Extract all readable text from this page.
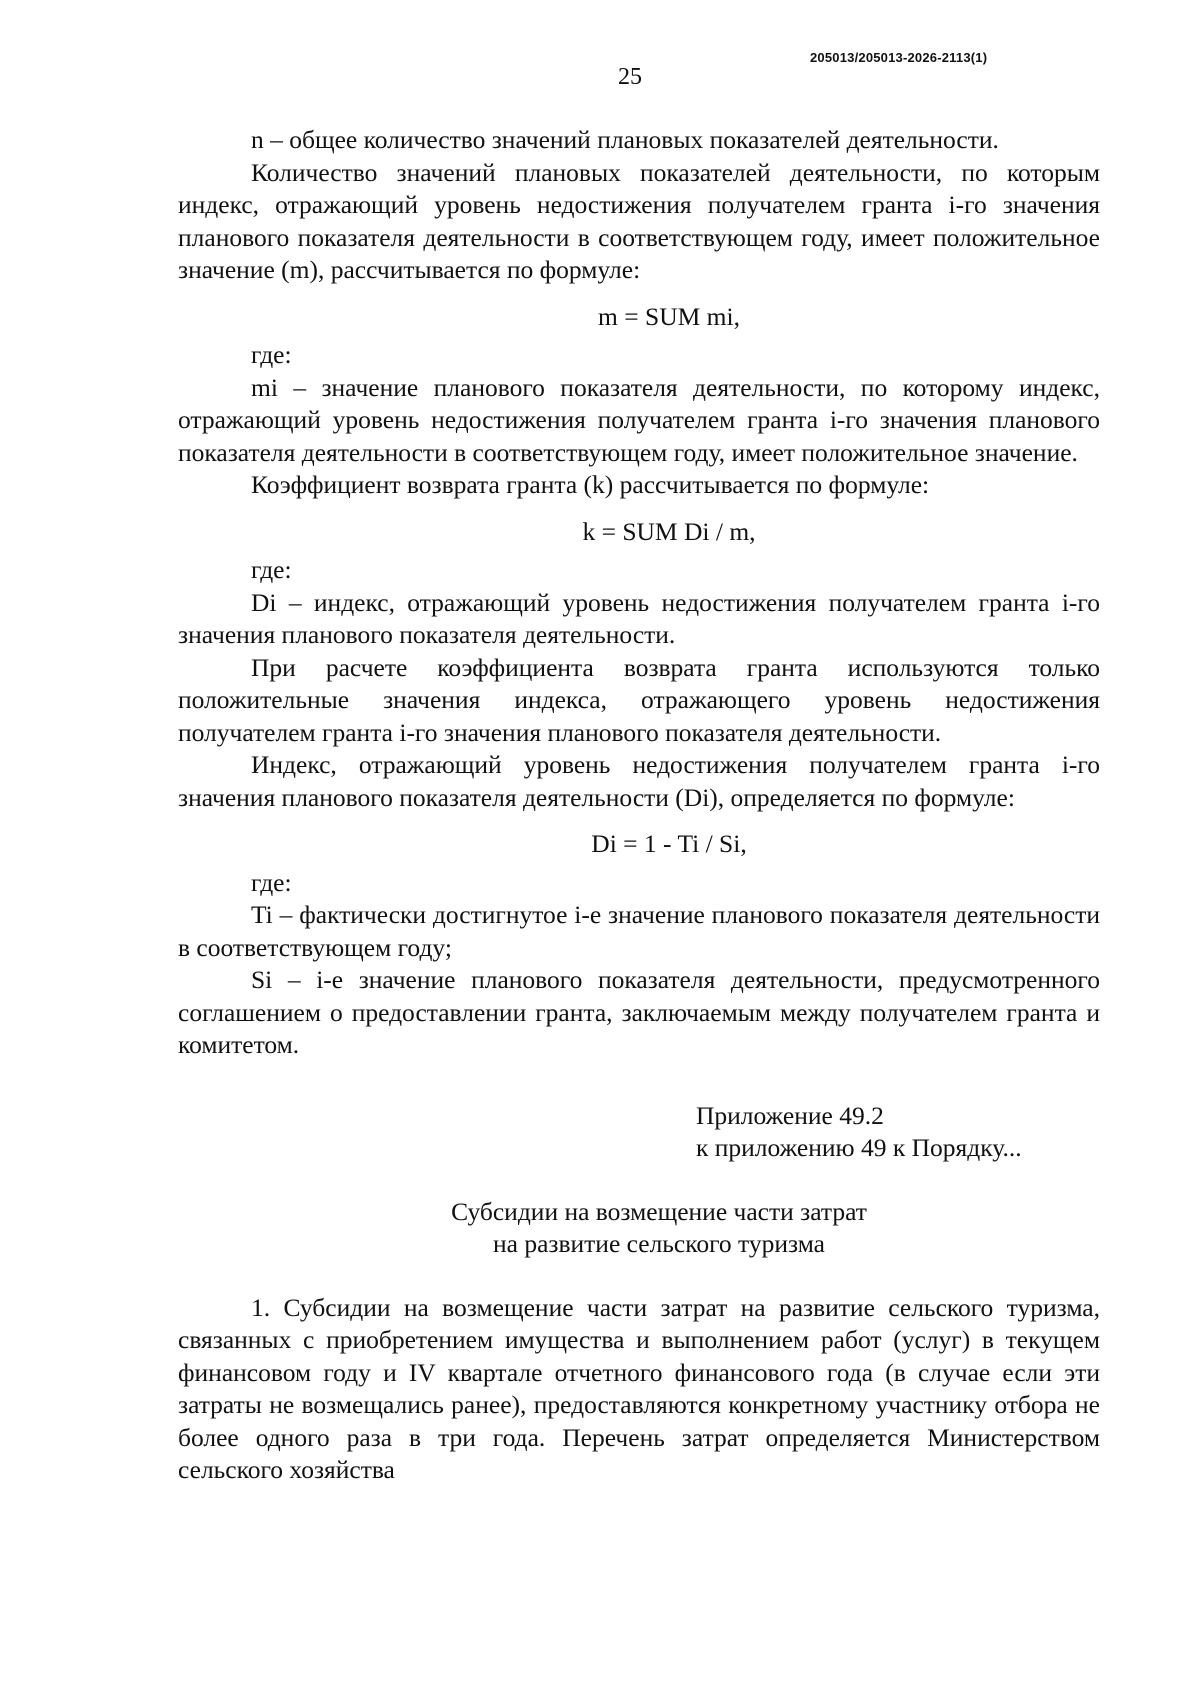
205013/205013-2026-2113(1)
25

n – общее количество значений плановых показателей деятельности.

Количество значений плановых показателей деятельности, по которым индекс, отражающий уровень недостижения получателем гранта i-го значения планового показателя деятельности в соответствующем году, имеет положительное значение (m), рассчитывается по формуле:

m = SUM mi,

где:

mi – значение планового показателя деятельности, по которому индекс, отражающий уровень недостижения получателем гранта i-го значения планового показателя деятельности в соответствующем году, имеет положительное значение.

Коэффициент возврата гранта (k) рассчитывается по формуле:

k = SUM Di / m,

где:

Di – индекс, отражающий уровень недостижения получателем гранта i-го значения планового показателя деятельности.

При расчете коэффициента возврата гранта используются только положительные значения индекса, отражающего уровень недостижения получателем гранта i-го значения планового показателя деятельности.

Индекс, отражающий уровень недостижения получателем гранта i-го значения планового показателя деятельности (Di), определяется по формуле:

Di = 1 - Ti / Si,

где:

Ti – фактически достигнутое i-е значение планового показателя деятельности в соответствующем году;

Si – i-е значение планового показателя деятельности, предусмотренного соглашением о предоставлении гранта, заключаемым между получателем гранта и комитетом.

Приложение 49.2
к приложению 49 к Порядку...
Субсидии на возмещение части затрат
на развитие сельского туризма

1. Субсидии на возмещение части затрат на развитие сельского туризма, связанных с приобретением имущества и выполнением работ (услуг) в текущем финансовом году и IV квартале отчетного финансового года (в случае если эти затраты не возмещались ранее), предоставляются конкретному участнику отбора не более одного раза в три года. Перечень затрат определяется Министерством сельского хозяйства
